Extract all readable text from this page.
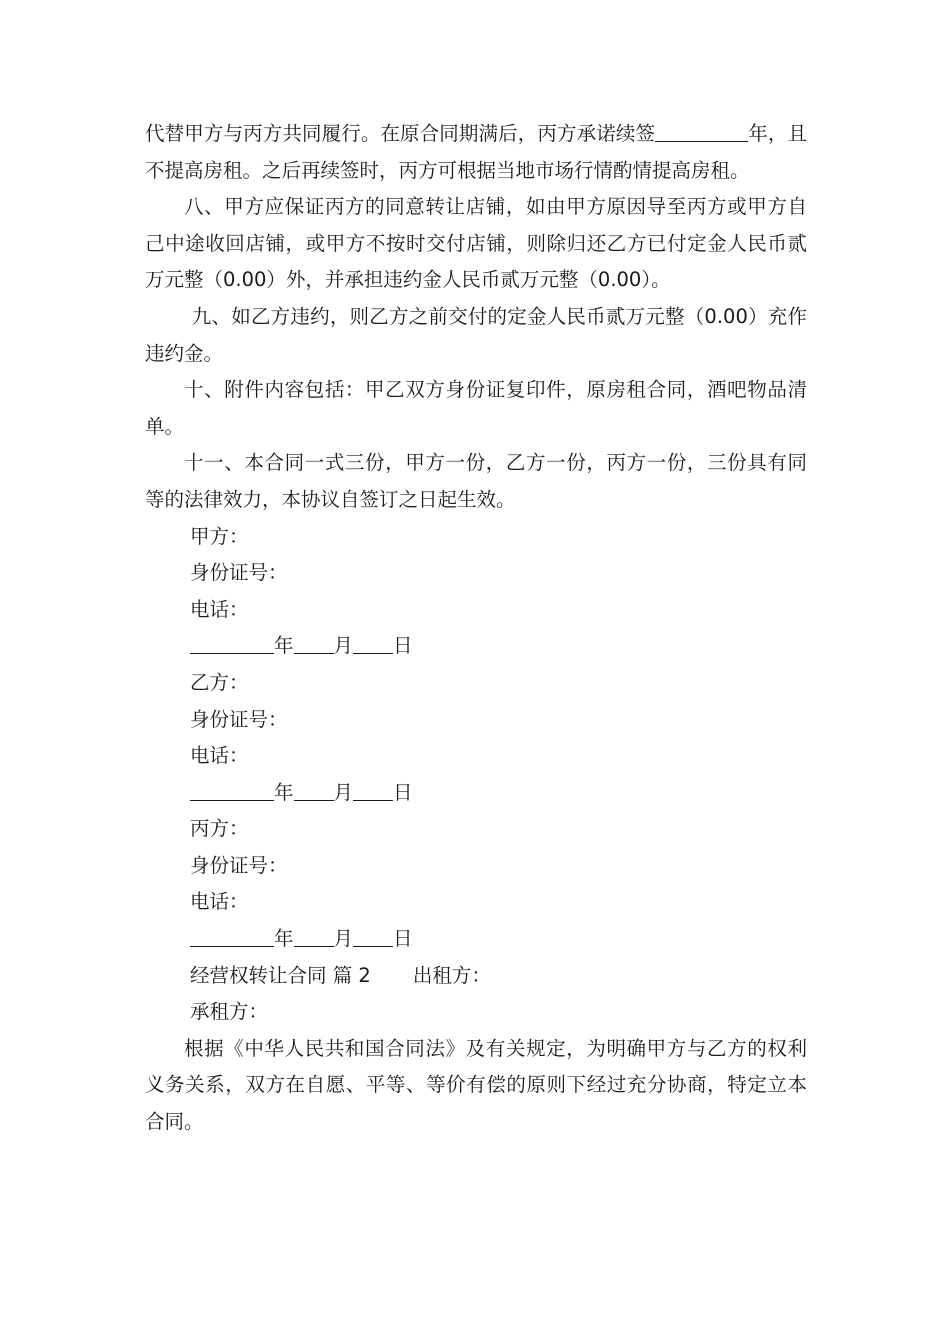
代替甲方与丙方共同履行。在原合同期满后，丙方承诺续签	年，且不提高房租。之后再续签时，丙方可根据当地市场行情酌情提高房租。

八、甲方应保证丙方的同意转让店铺，如由甲方原因导至丙方或甲方自己中途收回店铺，或甲方不按时交付店铺，则除归还乙方已付定金人民币贰万元整（0.00）外，并承担违约金人民币贰万元整（0.00）。

九、如乙方违约，则乙方之前交付的定金人民币贰万元整（0.00）充作违约金。

十、附件内容包括：甲乙双方身份证复印件，原房租合同，酒吧物品清单。

十一、本合同一式三份，甲方一份，乙方一份，丙方一份，三份具有同等的法律效力，本协议自签订之日起生效。

甲方：

身份证号：

电话：

年 月 日

乙方：

身份证号：

电话：

年 月 日

丙方：

身份证号：

电话：

年 月 日

经营权转让合同 篇 2 出租方：

承租方：

根据《中华人民共和国合同法》及有关规定，为明确甲方与乙方的权利义务关系，双方在自愿、平等、等价有偿的原则下经过充分协商，特定立本合同。
